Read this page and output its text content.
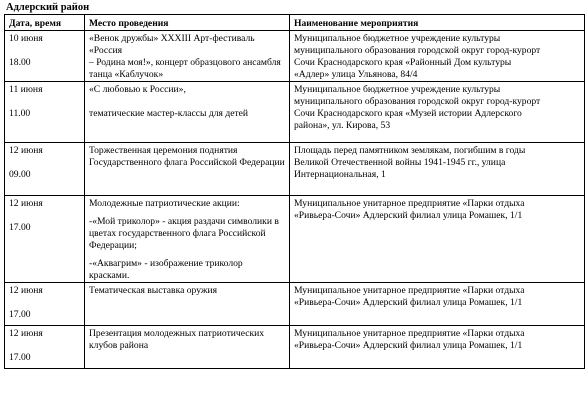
Адлерский район
Дата, время	Место проведения	Наименование мероприятия

10 июня
18.00	«Венок дружбы» XXXIII Арт-фестиваль «Россия
– Родина моя!», концерт образцового ансамбля
танца «Каблучок»	Муниципальное бюджетное учреждение культуры
муниципального образования городской округ город-курорт
Сочи Краснодарского края «Районный Дом культуры
«Адлер» улица Ульянова, 84/4

11 июня
11.00	«С любовью к России»,
тематические мастер-классы для детей	Муниципальное бюджетное учреждение культуры
муниципального образования городской округ город-курорт
Сочи Краснодарского края «Музей истории Адлерского
района», ул. Кирова, 53

12 июня
09.00	Торжественная церемония поднятия
Государственного флага Российской Федерации	Площадь перед памятником землякам, погибшим в годы
Великой Отечественной войны 1941-1945 гг., улица
Интернациональная, 1

12 июня
17.00	Молодежные патриотические акции:
-«Мой триколор» - акция раздачи символики в
цветах государственного флага Российской
Федерации;
-«Аквагрим» - изображение триколор красками.	Муниципальное унитарное предприятие «Парки отдыха
«Ривьера-Сочи» Адлерский филиал улица Ромашек, 1/1

12 июня
17.00	Тематическая выставка оружия	Муниципальное унитарное предприятие «Парки отдыха
«Ривьера-Сочи» Адлерский филиал улица Ромашек, 1/1

12 июня
17.00	Презентация молодежных патриотических
клубов района	Муниципальное унитарное предприятие «Парки отдыха
«Ривьера-Сочи» Адлерский филиал улица Ромашек, 1/1
